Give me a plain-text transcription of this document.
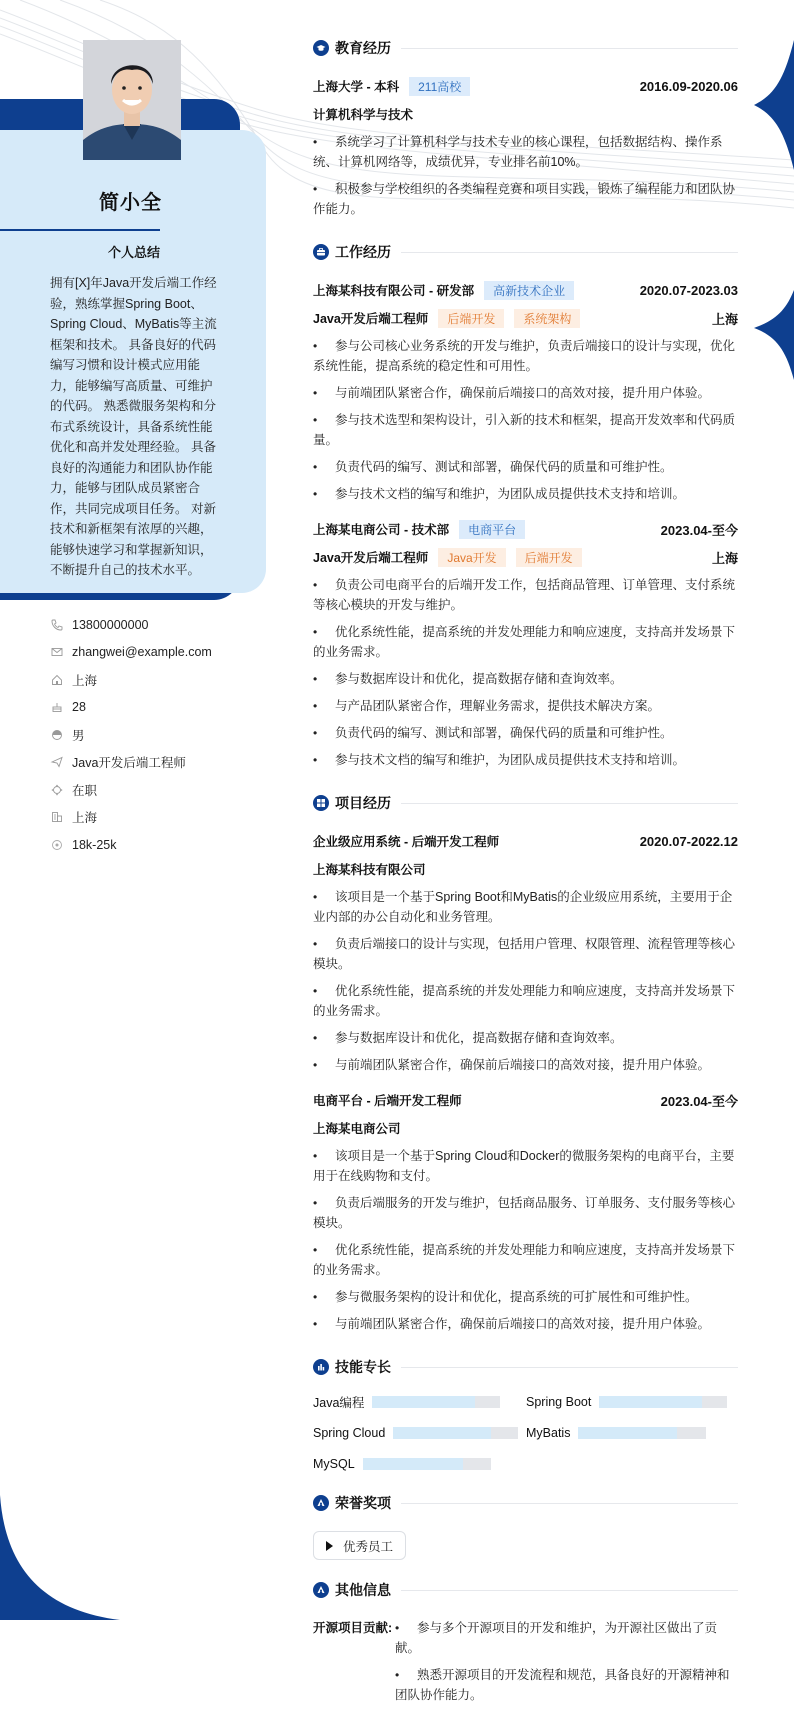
简小全
个人总结
拥有[X]年Java开发后端工作经验，熟练掌握Spring Boot、Spring Cloud、MyBatis等主流框架和技术。 具备良好的代码编写习惯和设计模式应用能力，能够编写高质量、可维护的代码。 熟悉微服务架构和分布式系统设计，具备系统性能优化和高并发处理经验。 具备良好的沟通能力和团队协作能力，能够与团队成员紧密合作，共同完成项目任务。 对新技术和新框架有浓厚的兴趣，能够快速学习和掌握新知识，不断提升自己的技术水平。
13800000000
zhangwei@example.com
上海
28
男
Java开发后端工程师
在职
上海
18k-25k
教育经历
上海大学 - 本科	211高校	2016.09-2020.06
计算机科学与技术
•系统学习了计算机科学与技术专业的核心课程，包括数据结构、操作系统、计算机网络等，成绩优异，专业排名前10%。
•积极参与学校组织的各类编程竞赛和项目实践，锻炼了编程能力和团队协作能力。
工作经历
上海某科技有限公司 - 研发部	高新技术企业	2020.07-2023.03
Java开发后端工程师	后端开发	系统架构	上海
•参与公司核心业务系统的开发与维护，负责后端接口的设计与实现，优化系统性能，提高系统的稳定性和可用性。
•与前端团队紧密合作，确保前后端接口的高效对接，提升用户体验。
•参与技术选型和架构设计，引入新的技术和框架，提高开发效率和代码质量。
•负责代码的编写、测试和部署，确保代码的质量和可维护性。
•参与技术文档的编写和维护，为团队成员提供技术支持和培训。
上海某电商公司 - 技术部	电商平台	2023.04-至今
Java开发后端工程师	Java开发	后端开发	上海
•负责公司电商平台的后端开发工作，包括商品管理、订单管理、支付系统等核心模块的开发与维护。
•优化系统性能，提高系统的并发处理能力和响应速度，支持高并发场景下的业务需求。
•参与数据库设计和优化，提高数据存储和查询效率。
•与产品团队紧密合作，理解业务需求，提供技术解决方案。
•负责代码的编写、测试和部署，确保代码的质量和可维护性。
•参与技术文档的编写和维护，为团队成员提供技术支持和培训。
项目经历
企业级应用系统 - 后端开发工程师	2020.07-2022.12
上海某科技有限公司
•该项目是一个基于Spring Boot和MyBatis的企业级应用系统，主要用于企业内部的办公自动化和业务管理。
•负责后端接口的设计与实现，包括用户管理、权限管理、流程管理等核心模块。
•优化系统性能，提高系统的并发处理能力和响应速度，支持高并发场景下的业务需求。
•参与数据库设计和优化，提高数据存储和查询效率。
•与前端团队紧密合作，确保前后端接口的高效对接，提升用户体验。
电商平台 - 后端开发工程师	2023.04-至今
上海某电商公司
•该项目是一个基于Spring Cloud和Docker的微服务架构的电商平台，主要用于在线购物和支付。
•负责后端服务的开发与维护，包括商品服务、订单服务、支付服务等核心模块。
•优化系统性能，提高系统的并发处理能力和响应速度，支持高并发场景下的业务需求。
•参与微服务架构的设计和优化，提高系统的可扩展性和可维护性。
•与前端团队紧密合作，确保前后端接口的高效对接，提升用户体验。
技能专长
Java编程	Spring Boot
Spring Cloud	MyBatis
MySQL
荣誉奖项
优秀员工
其他信息
开源项目贡献: •	参与多个开源项目的开发和维护，为开源社区做出了贡献。
•熟悉开源项目的开发流程和规范，具备良好的开源精神和团队协作能力。
